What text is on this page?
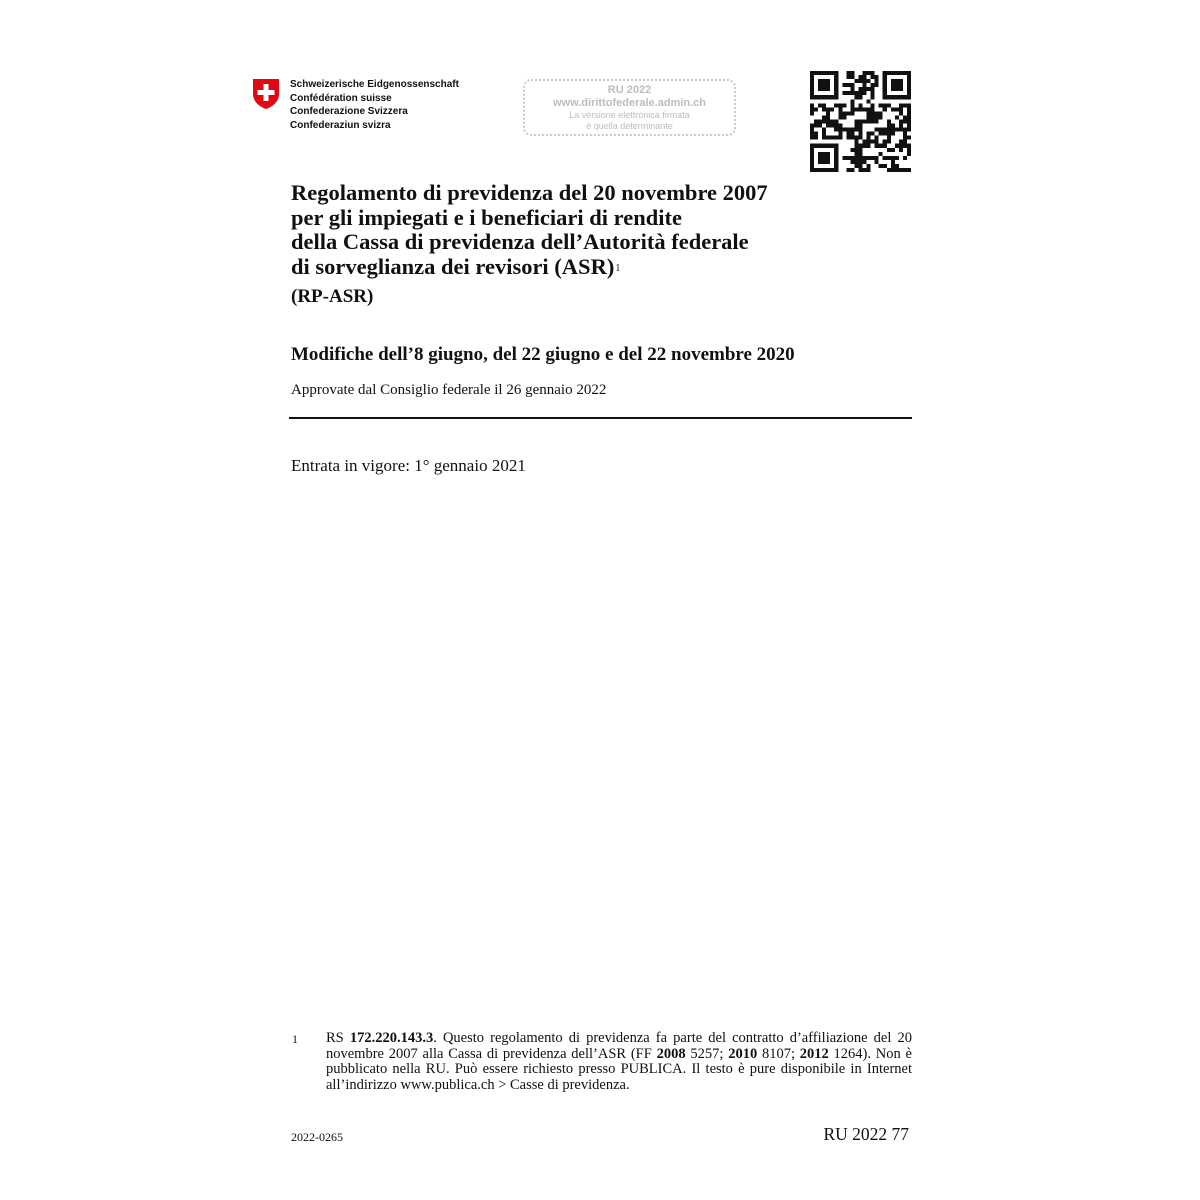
Schweizerische Eidgenossenschaft
Confédération suisse
Confederazione Svizzera
Confederaziun svizra
RU 2022
www.dirittofederale.admin.ch
La versione elettronica firmata
è quella determinante
Regolamento di previdenza del 20 novembre 2007
per gli impiegati e i beneficiari di rendite
della Cassa di previdenza dell’Autorità federale
di sorveglianza dei revisori (ASR)$^1$
(RP-ASR)
Modifiche dell’8 giugno, del 22 giugno e del 22 novembre 2020
Approvate dal Consiglio federale il 26 gennaio 2022
Entrata in vigore: 1° gennaio 2021
1 RS 172.220.143.3. Questo regolamento di previdenza fa parte del contratto d’affiliazione del 20 novembre 2007 alla Cassa di previdenza dell’ASR (FF 2008 5257; 2010 8107; 2012 1264). Non è pubblicato nella RU. Può essere richiesto presso PUBLICA. Il testo è pure disponibile in Internet all’indirizzo www.publica.ch > Casse di previdenza.
2022-0265	RU 2022 77
